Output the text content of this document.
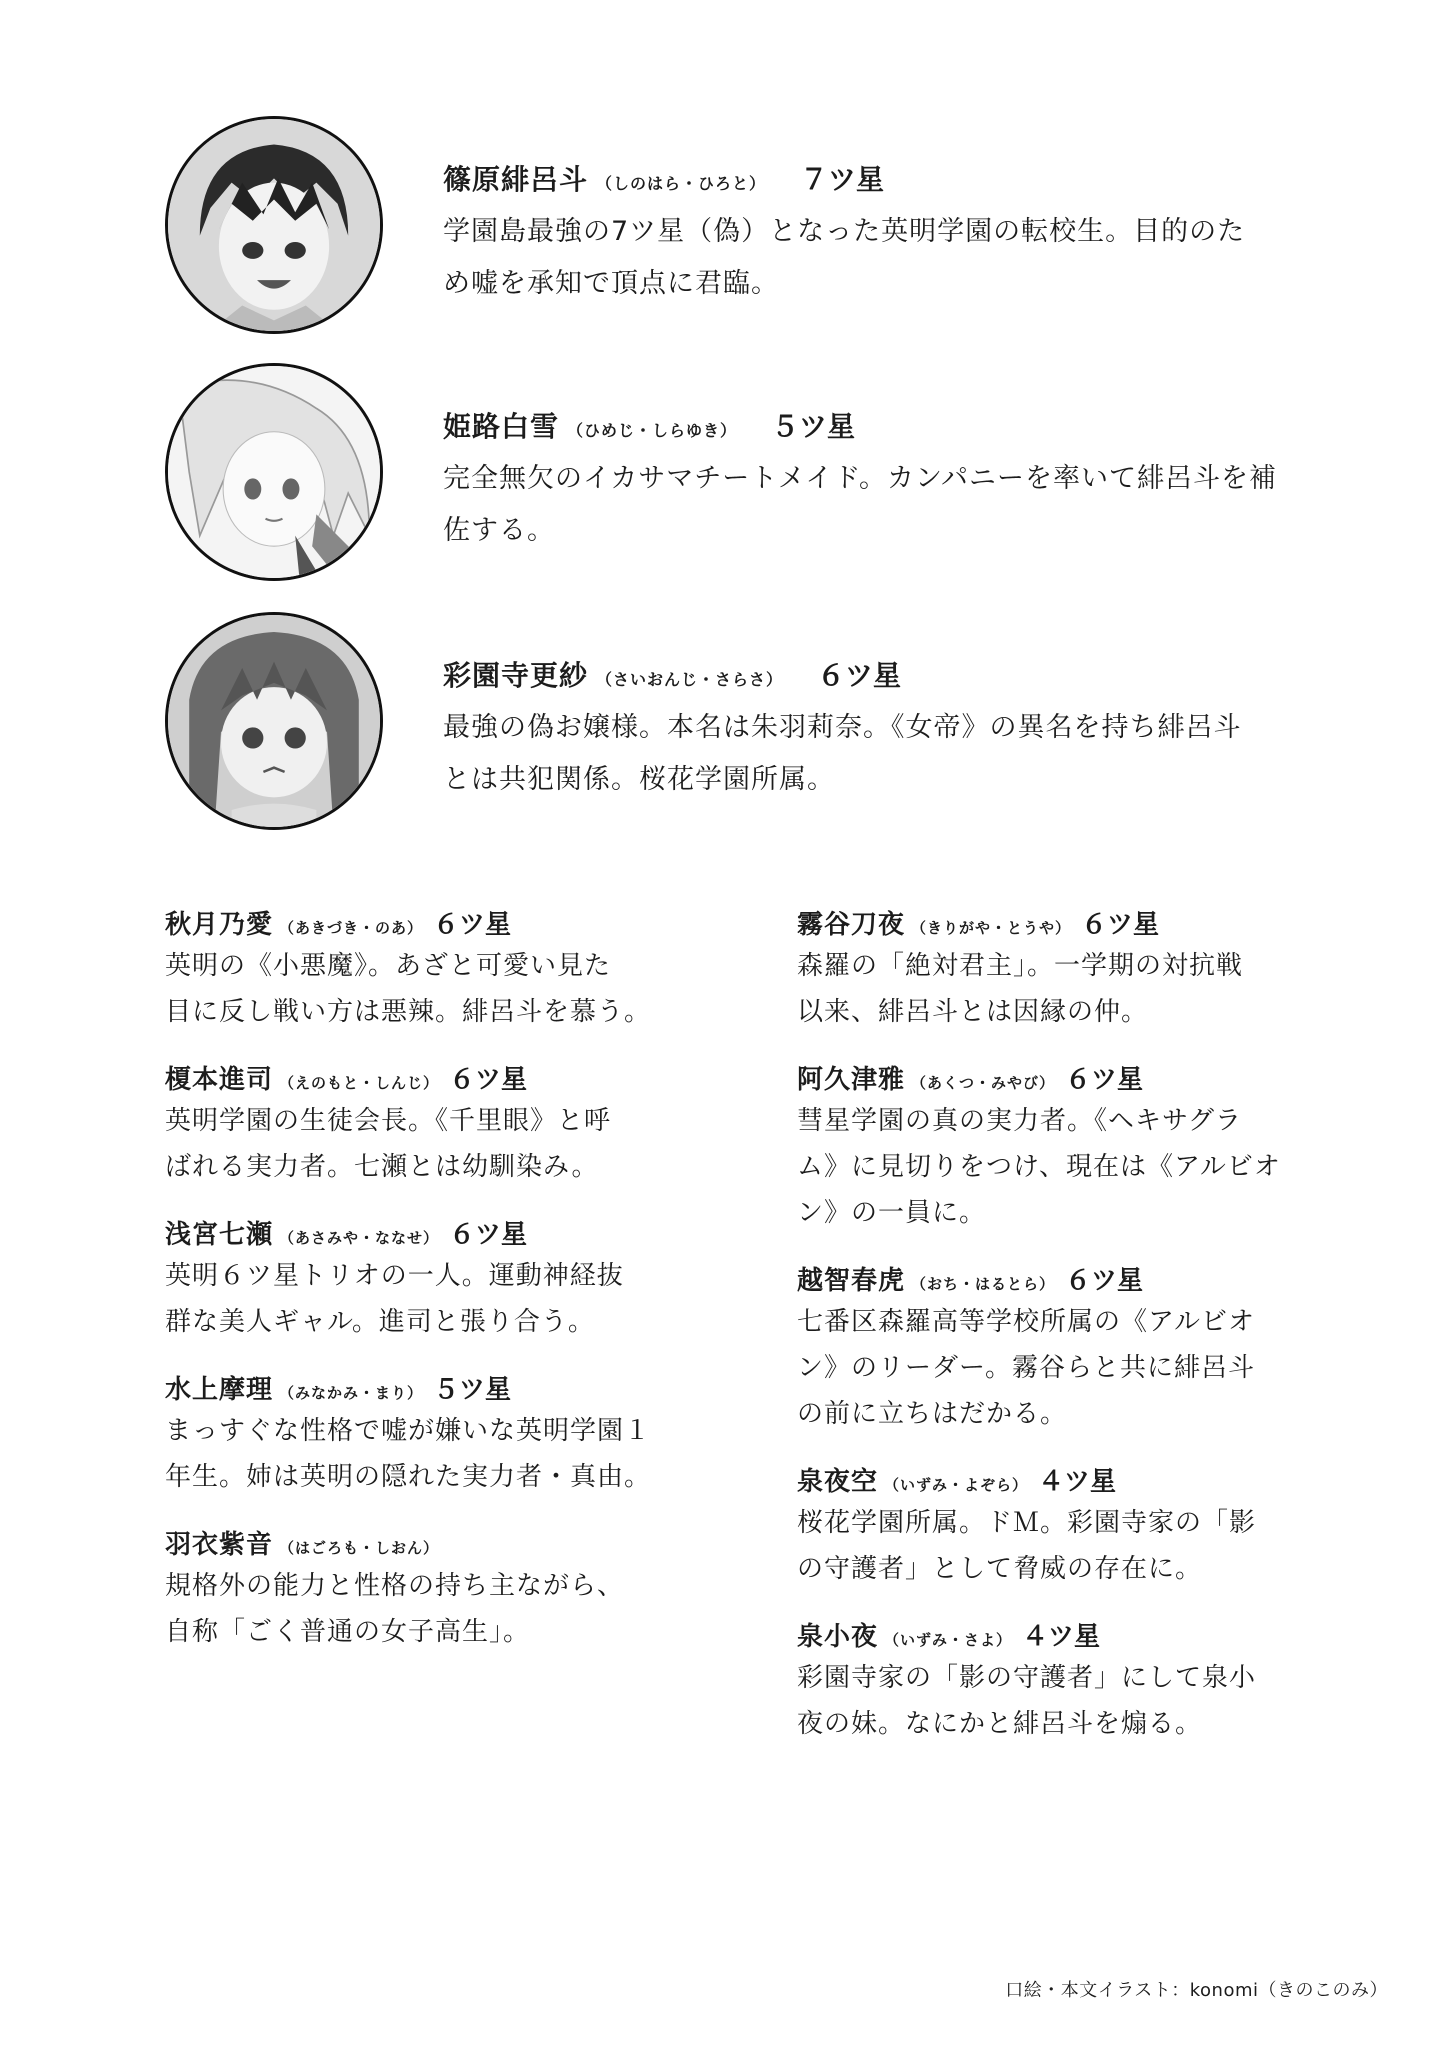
篠原緋呂斗 （しのはら・ひろと） ７ツ星
学園島最強の7ツ星（偽）となった英明学園の転校生。目的のた
め嘘を承知で頂点に君臨。
姫路白雪 （ひめじ・しらゆき） ５ツ星
完全無欠のイカサマチートメイド。カンパニーを率いて緋呂斗を補
佐する。
彩園寺更紗 （さいおんじ・さらさ） ６ツ星
最強の偽お嬢様。本名は朱羽莉奈。《女帝》の異名を持ち緋呂斗
とは共犯関係。桜花学園所属。
秋月乃愛 （あきづき・のあ） ６ツ星
英明の《小悪魔》。あざと可愛い見た
目に反し戦い方は悪辣。緋呂斗を慕う。
榎本進司 （えのもと・しんじ） ６ツ星
英明学園の生徒会長。《千里眼》と呼
ばれる実力者。七瀬とは幼馴染み。
浅宮七瀬 （あさみや・ななせ） ６ツ星
英明６ツ星トリオの一人。運動神経抜
群な美人ギャル。進司と張り合う。
水上摩理 （みなかみ・まり） ５ツ星
まっすぐな性格で嘘が嫌いな英明学園１
年生。姉は英明の隠れた実力者・真由。
羽衣紫音 （はごろも・しおん）
規格外の能力と性格の持ち主ながら、
自称「ごく普通の女子高生」。
霧谷刀夜 （きりがや・とうや） ６ツ星
森羅の「絶対君主」。一学期の対抗戦
以来、緋呂斗とは因縁の仲。
阿久津雅 （あくつ・みやび） ６ツ星
彗星学園の真の実力者。《ヘキサグラ
ム》に見切りをつけ、現在は《アルビオ
ン》の一員に。
越智春虎 （おち・はるとら） ６ツ星
七番区森羅高等学校所属の《アルビオ
ン》のリーダー。霧谷らと共に緋呂斗
の前に立ちはだかる。
泉夜空 （いずみ・よぞら） ４ツ星
桜花学園所属。ドＭ。彩園寺家の「影
の守護者」として脅威の存在に。
泉小夜 （いずみ・さよ） ４ツ星
彩園寺家の「影の守護者」にして泉小
夜の妹。なにかと緋呂斗を煽る。
口絵・本文イラスト：konomi（きのこのみ）
